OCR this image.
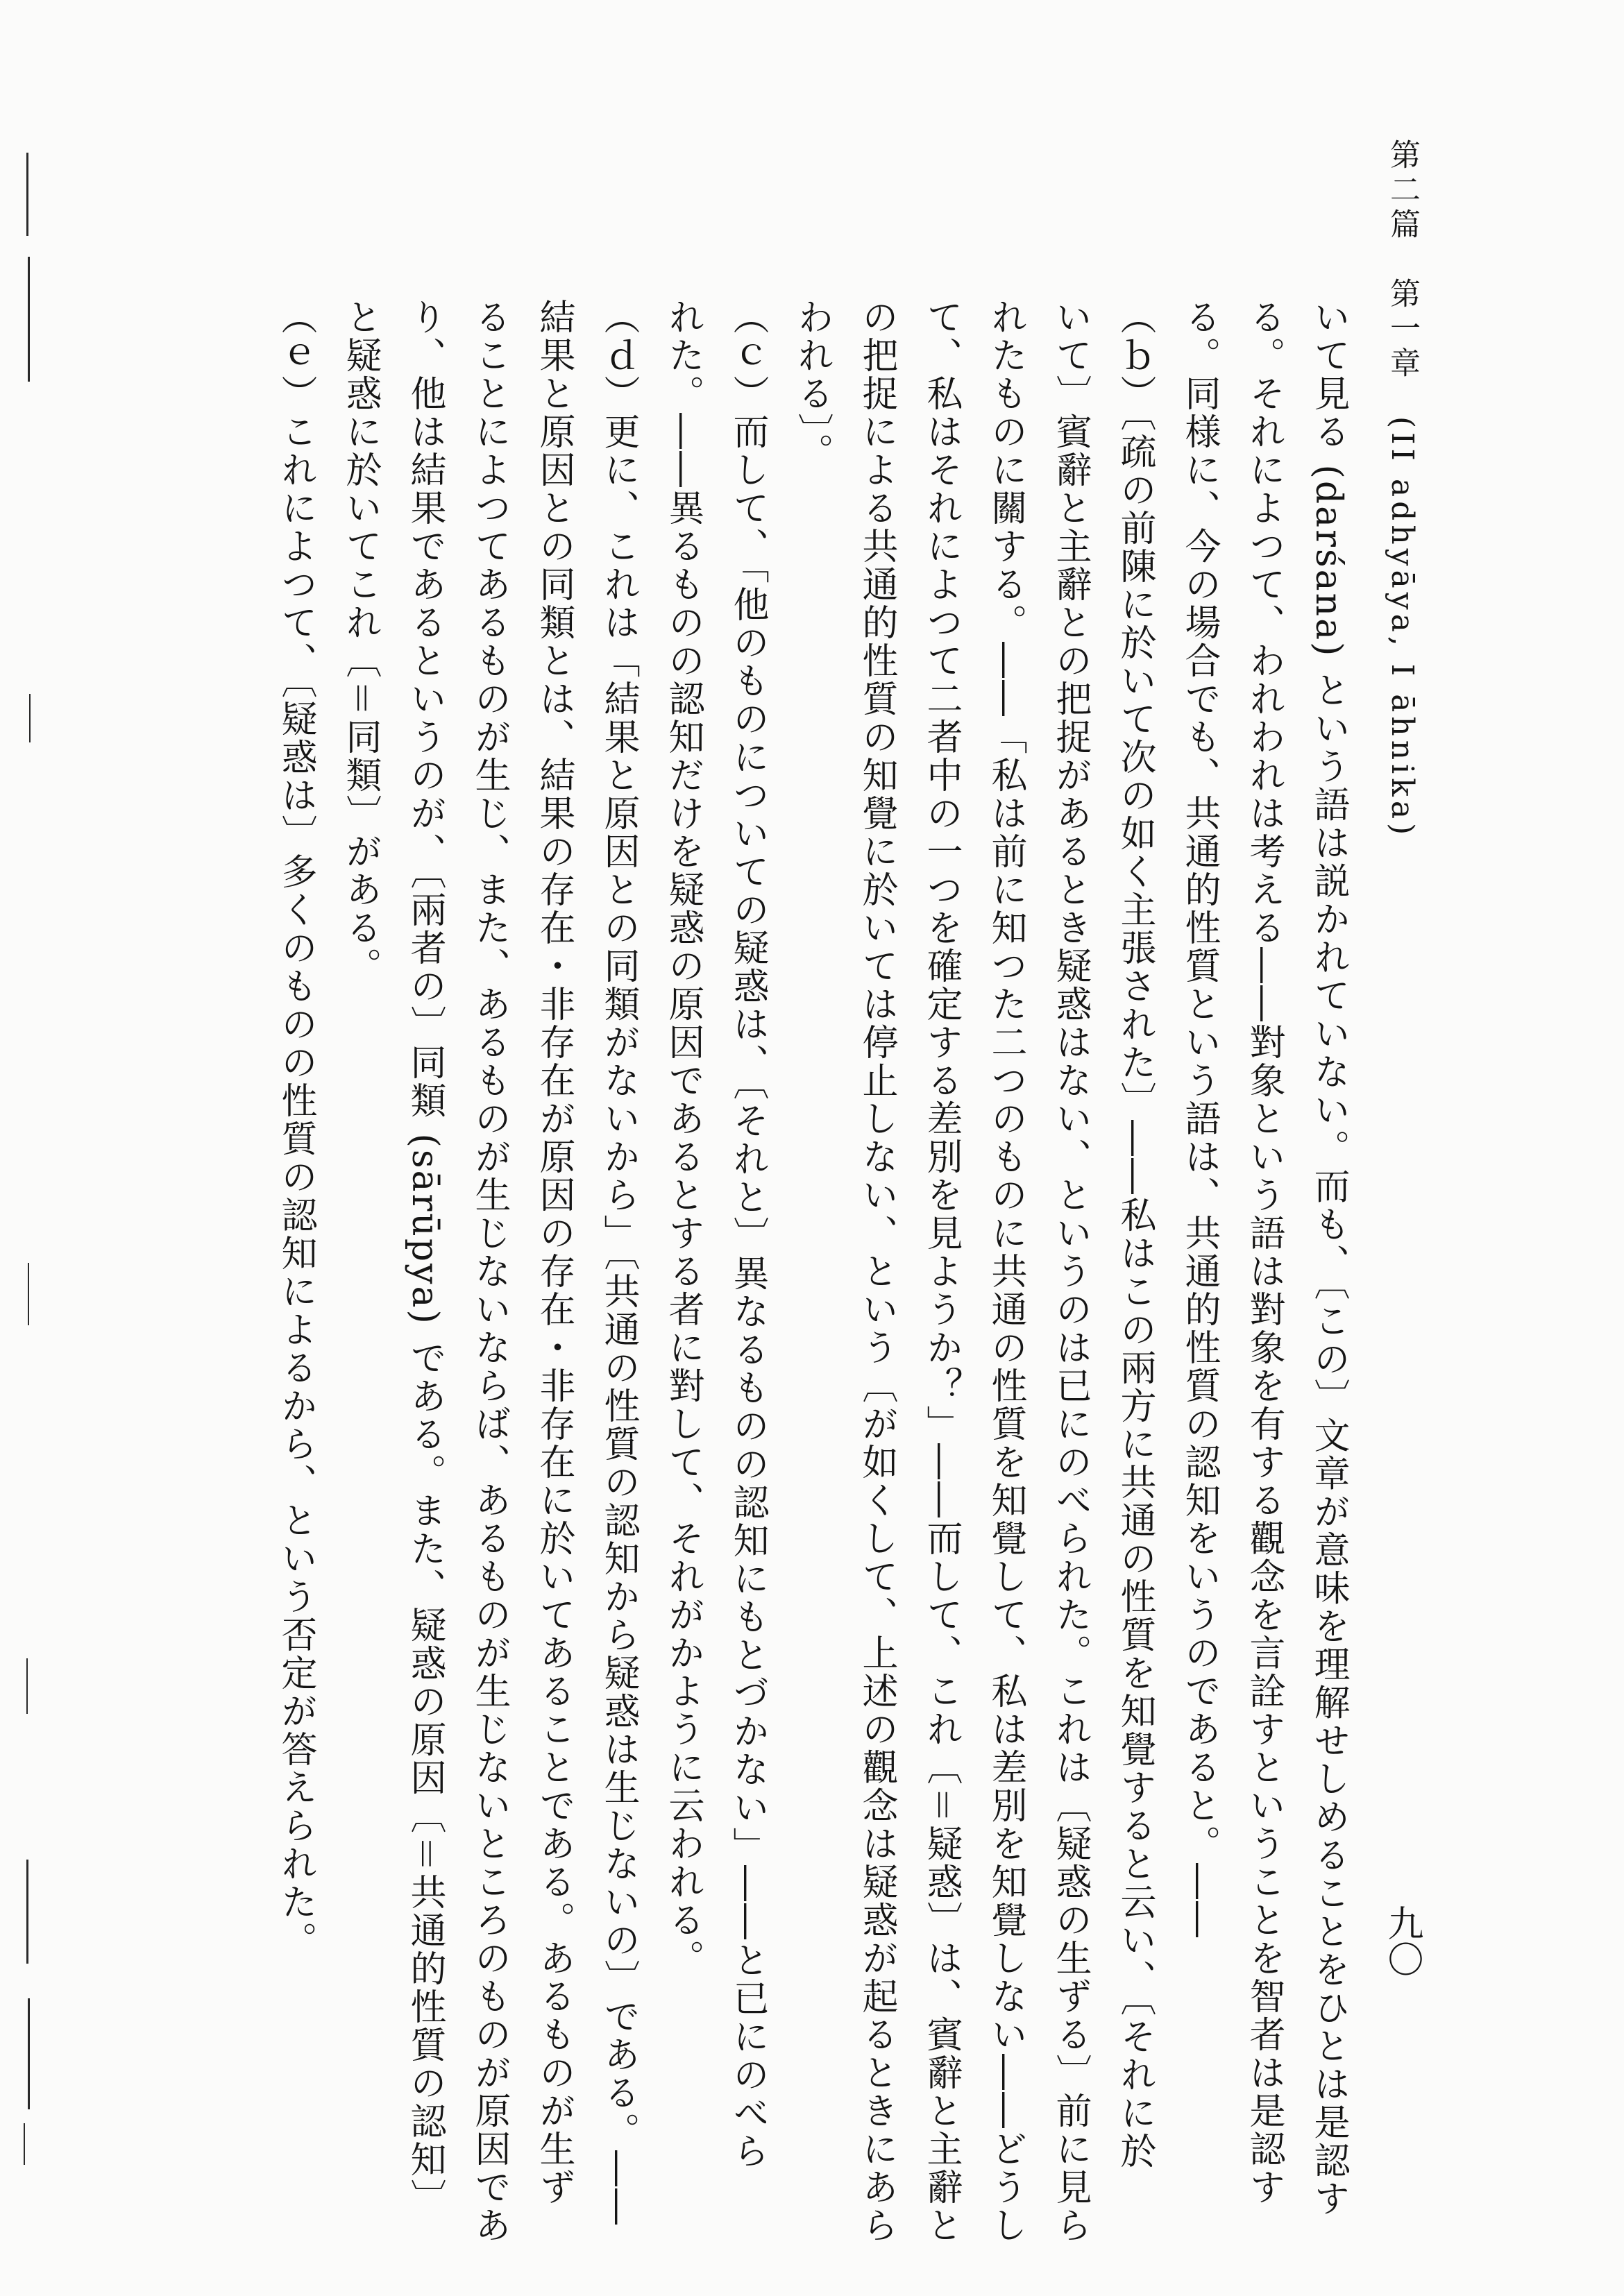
第二篇　第一章　(II adhyāya, I āhnika)
九〇
いて見る (darśana) という語は説かれていない。而も、〔この〕文章が意味を理解せしめることをひとは是認す
る。それによつて、われわれは考える――對象という語は對象を有する觀念を言詮すということを智者は是認す
る。同様に、今の場合でも、共通的性質という語は、共通的性質の認知をいうのであると。――
（ｂ）〔疏の前陳に於いて次の如く主張された〕――私はこの兩方に共通の性質を知覺すると云い、〔それに於
いて〕賓辭と主辭との把捉があるとき疑惑はない、というのは已にのべられた。これは〔疑惑の生ずる〕前に見ら
れたものに關する。――「私は前に知つた二つのものに共通の性質を知覺して、私は差別を知覺しない――どうし
て、私はそれによつて二者中の一つを確定する差別を見ようか？」――而して、これ〔＝疑惑〕は、賓辭と主辭と
の把捉による共通的性質の知覺に於いては停止しない、という〔が如くして、上述の觀念は疑惑が起るときにあら
われる〕。
（ｃ）而して、「他のものについての疑惑は、〔それと〕異なるものの認知にもとづかない」――と已にのべら
れた。――異るものの認知だけを疑惑の原因であるとする者に對して、それがかように云われる。
（ｄ）更に、これは「結果と原因との同類がないから」〔共通の性質の認知から疑惑は生じないの〕である。――
結果と原因との同類とは、結果の存在・非存在が原因の存在・非存在に於いてあることである。あるものが生ず
ることによつてあるものが生じ、また、あるものが生じないならば、あるものが生じないところのものが原因であ
り、他は結果であるというのが、〔兩者の〕同類 (sārūpya) である。また、疑惑の原因〔＝共通的性質の認知〕
と疑惑に於いてこれ〔＝同類〕がある。
（ｅ）これによつて、〔疑惑は〕多くのものの性質の認知によるから、という否定が答えられた。
